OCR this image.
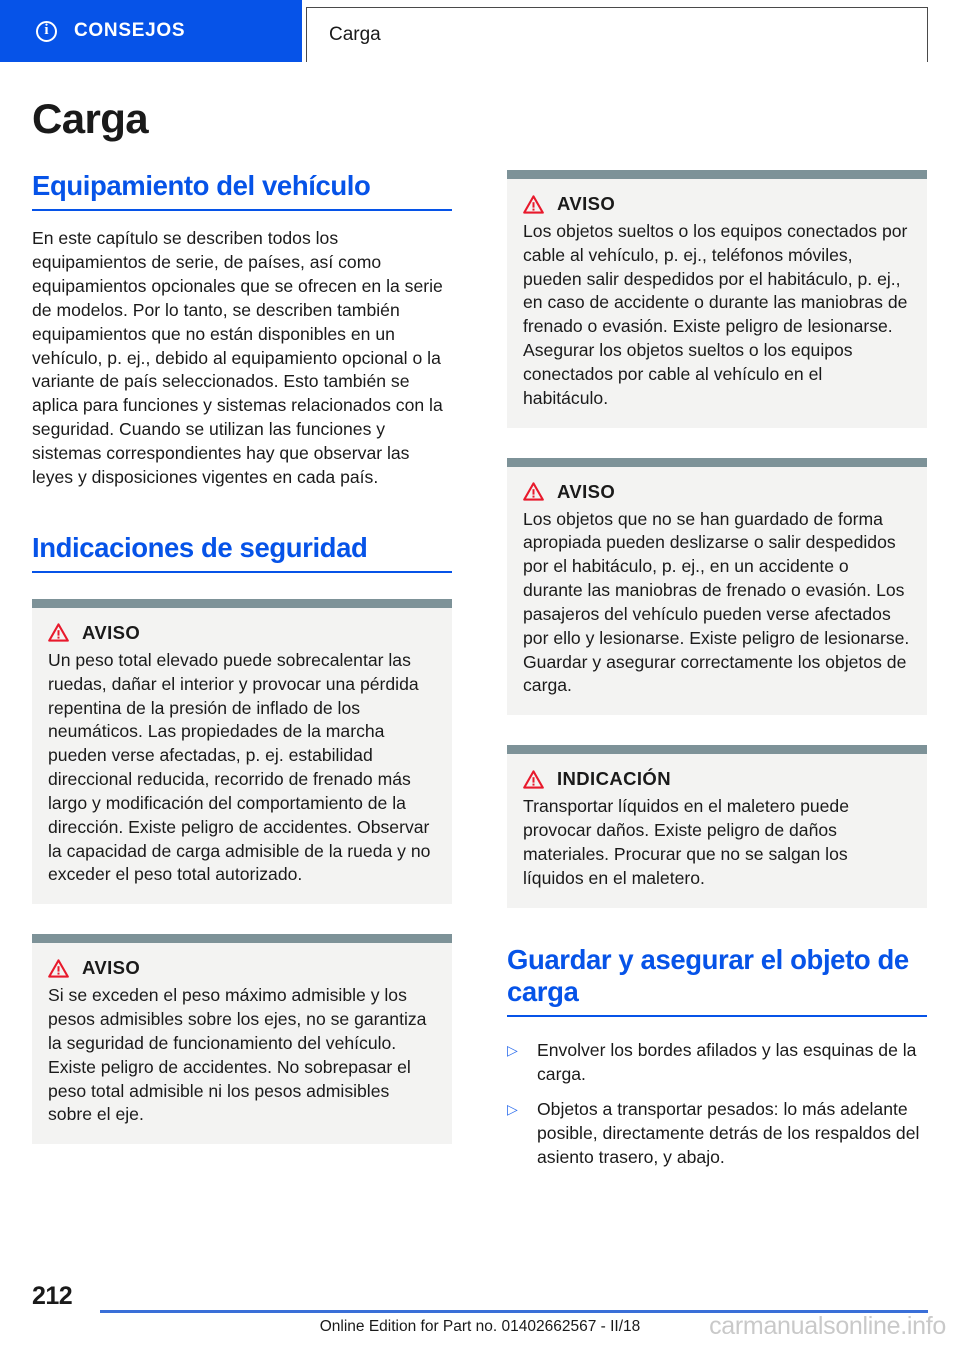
i CONSEJOS	Carga
Carga
Equipamiento del vehículo

En este capítulo se describen todos los equipamientos de serie, de países, así como equipamientos opcionales que se ofrecen en la serie de modelos. Por lo tanto, se describen también equipamientos que no están disponibles en un vehículo, p. ej., debido al equipamiento opcional o la variante de país seleccionados. Esto también se aplica para funciones y sistemas relacionados con la seguridad. Cuando se utilizan las funciones y sistemas correspondientes hay que observar las leyes y disposiciones vigentes en cada país.

Indicaciones de seguridad
AVISO

Un peso total elevado puede sobrecalentar las ruedas, dañar el interior y provocar una pérdida repentina de la presión de inflado de los neumáticos. Las propiedades de la marcha pueden verse afectadas, p. ej. estabilidad direccional reducida, recorrido de frenado más largo y modificación del comportamiento de la dirección. Existe peligro de accidentes. Observar la capacidad de carga admisible de la rueda y no exceder el peso total autorizado.

AVISO

Si se exceden el peso máximo admisible y los pesos admisibles sobre los ejes, no se garantiza la seguridad de funcionamiento del vehículo. Existe peligro de accidentes. No sobrepasar el peso total admisible ni los pesos admisibles sobre el eje.

AVISO

Los objetos sueltos o los equipos conectados por cable al vehículo, p. ej., teléfonos móviles, pueden salir despedidos por el habitáculo, p. ej., en caso de accidente o durante las maniobras de frenado o evasión. Existe peligro de lesionarse. Asegurar los objetos sueltos o los equipos conectados por cable al vehículo en el habitáculo.

AVISO

Los objetos que no se han guardado de forma apropiada pueden deslizarse o salir despedidos por el habitáculo, p. ej., en un accidente o durante las maniobras de frenado o evasión. Los pasajeros del vehículo pueden verse afectados por ello y lesionarse. Existe peligro de lesionarse. Guardar y asegurar correctamente los objetos de carga.

INDICACIÓN

Transportar líquidos en el maletero puede provocar daños. Existe peligro de daños materiales. Procurar que no se salgan los líquidos en el maletero.

Guardar y asegurar el objeto de carga
▷	Envolver los bordes afilados y las esquinas de la carga.
▷	Objetos a transportar pesados: lo más adelante posible, directamente detrás de los respaldos del asiento trasero, y abajo.
212
Online Edition for Part no. 01402662567 - II/18	carmanualsonline.info
